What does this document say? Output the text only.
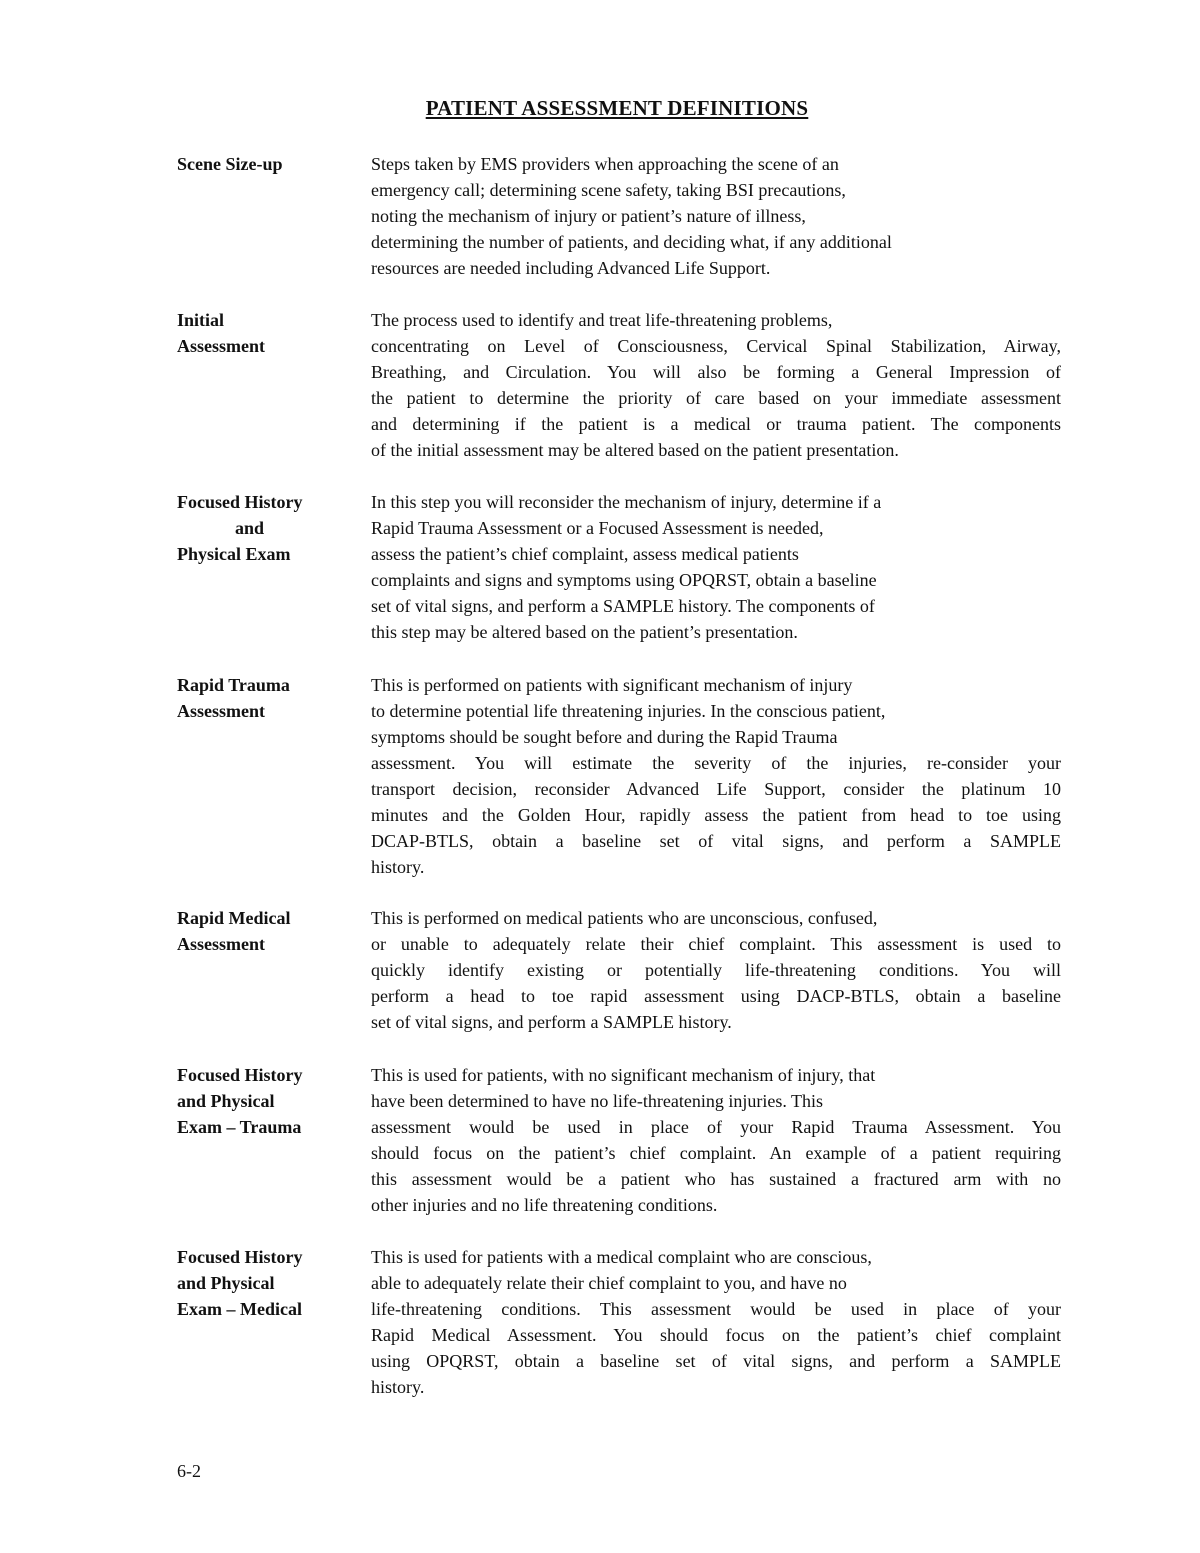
PATIENT ASSESSMENT DEFINITIONS
Scene Size-up	Steps taken by EMS providers when approaching the scene of an
emergency call; determining scene safety, taking BSI precautions,
noting the mechanism of injury or patient’s nature of illness,
determining the number of patients, and deciding what, if any additional
resources are needed including Advanced Life Support.
Initial
Assessment
The process used to identify and treat life-threatening problems,
concentrating on Level of Consciousness, Cervical Spinal Stabilization, Airway,
Breathing, and Circulation. You will also be forming a General Impression of
the patient to determine the priority of care based on your immediate assessment
and determining if the patient is a medical or trauma patient. The components
of the initial assessment may be altered based on the patient presentation.
Focused History
and
Physical Exam
In this step you will reconsider the mechanism of injury, determine if a
Rapid Trauma Assessment or a Focused Assessment is needed,
assess the patient’s chief complaint, assess medical patients
complaints and signs and symptoms using OPQRST, obtain a baseline
set of vital signs, and perform a SAMPLE history. The components of
this step may be altered based on the patient’s presentation.
Rapid Trauma
Assessment
This is performed on patients with significant mechanism of injury
to determine potential life threatening injuries. In the conscious patient,
symptoms should be sought before and during the Rapid Trauma
assessment. You will estimate the severity of the injuries, re-consider your
transport decision, reconsider Advanced Life Support, consider the platinum 10
minutes and the Golden Hour, rapidly assess the patient from head to toe using
DCAP-BTLS, obtain a baseline set of vital signs, and perform a SAMPLE
history.
Rapid Medical
Assessment
This is performed on medical patients who are unconscious, confused,
or unable to adequately relate their chief complaint. This assessment is used to
quickly identify existing or potentially life-threatening conditions. You will
perform a head to toe rapid assessment using DACP-BTLS, obtain a baseline
set of vital signs, and perform a SAMPLE history.
Focused History
and Physical
Exam – Trauma
This is used for patients, with no significant mechanism of injury, that
have been determined to have no life-threatening injuries. This
assessment would be used in place of your Rapid Trauma Assessment. You
should focus on the patient’s chief complaint. An example of a patient requiring
this assessment would be a patient who has sustained a fractured arm with no
other injuries and no life threatening conditions.
Focused History
and Physical
Exam – Medical
This is used for patients with a medical complaint who are conscious,
able to adequately relate their chief complaint to you, and have no
life-threatening conditions. This assessment would be used in place of your
Rapid Medical Assessment. You should focus on the patient’s chief complaint
using OPQRST, obtain a baseline set of vital signs, and perform a SAMPLE
history.
6-2
